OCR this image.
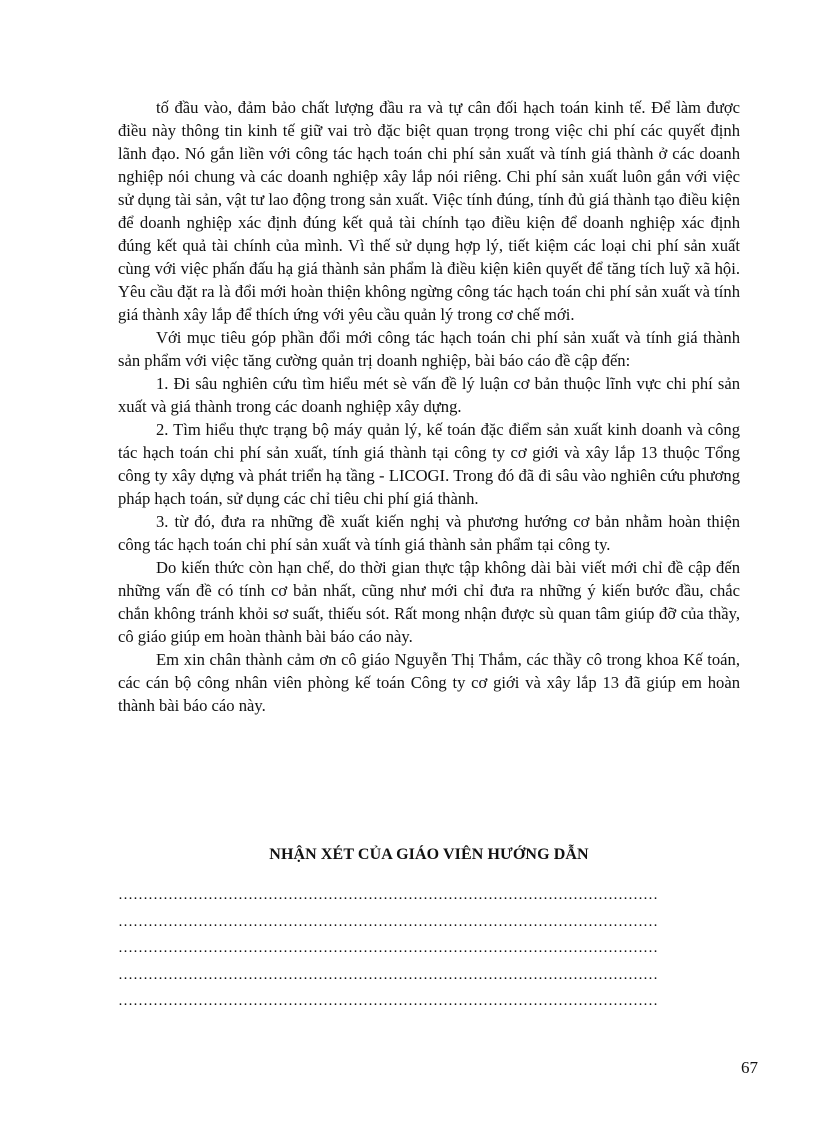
tố đầu vào, đảm bảo chất lượng đầu ra và tự cân đối hạch toán kinh tế. Để làm được điều này thông tin kinh tế giữ vai trò đặc biệt quan trọng trong việc chi phí các quyết định lãnh đạo. Nó gắn liền với công tác hạch toán chi phí sản xuất và tính giá thành ở các doanh nghiệp nói chung và các doanh nghiệp xây lắp nói riêng. Chi phí sản xuất luôn gắn với việc sử dụng tài sản, vật tư lao động trong sản xuất. Việc tính đúng, tính đủ giá thành tạo điều kiện để doanh nghiệp xác định đúng kết quả tài chính tạo điều kiện để doanh nghiệp xác định đúng kết quả tài chính của mình. Vì thế sử dụng hợp lý, tiết kiệm các loại chi phí sản xuất cùng với việc phấn đấu hạ giá thành sản phẩm là điều kiện kiên quyết để tăng tích luỹ xã hội. Yêu cầu đặt ra là đổi mới hoàn thiện không ngừng công tác hạch toán chi phí sản xuất và tính giá thành xây lắp để thích ứng với yêu cầu quản lý trong cơ chế mới.

Với mục tiêu góp phần đổi mới công tác hạch toán chi phí sản xuất và tính giá thành sản phẩm với việc tăng cường quản trị doanh nghiệp, bài báo cáo đề cập đến:

1. Đi sâu nghiên cứu tìm hiểu mét sè vấn đề lý luận cơ bản thuộc lĩnh vực chi phí sản xuất và giá thành trong các doanh nghiệp xây dựng.

2. Tìm hiểu thực trạng bộ máy quản lý, kế toán đặc điểm sản xuất kinh doanh và công tác hạch toán chi phí sản xuất, tính giá thành tại công ty cơ giới và xây lắp 13 thuộc Tổng công ty xây dựng và phát triển hạ tầng - LICOGI. Trong đó đã đi sâu vào nghiên cứu phương pháp hạch toán, sử dụng các chỉ tiêu chi phí giá thành.

3. từ đó, đưa ra những đề xuất kiến nghị và phương hướng cơ bản nhằm hoàn thiện công tác hạch toán chi phí sản xuất và tính giá thành sản phẩm tại công ty.

Do kiến thức còn hạn chế, do thời gian thực tập không dài bài viết mới chỉ đề cập đến những vấn đề có tính cơ bản nhất, cũng như mới chỉ đưa ra những ý kiến bước đầu, chắc chắn không tránh khỏi sơ suất, thiếu sót. Rất mong nhận được sù quan tâm giúp đỡ của thầy, cô giáo giúp em hoàn thành bài báo cáo này.

Em xin chân thành cảm ơn cô giáo Nguyễn Thị Thắm, các thầy cô trong khoa Kế toán, các cán bộ công nhân viên phòng kế toán Công ty cơ giới và xây lắp 13 đã giúp em hoàn thành bài báo cáo này.

NHẬN XÉT CỦA GIÁO VIÊN HƯỚNG DẪN
………………………………………………………………………………………………
………………………………………………………………………………………………
………………………………………………………………………………………………
………………………………………………………………………………………………
………………………………………………………………………………………………

67
